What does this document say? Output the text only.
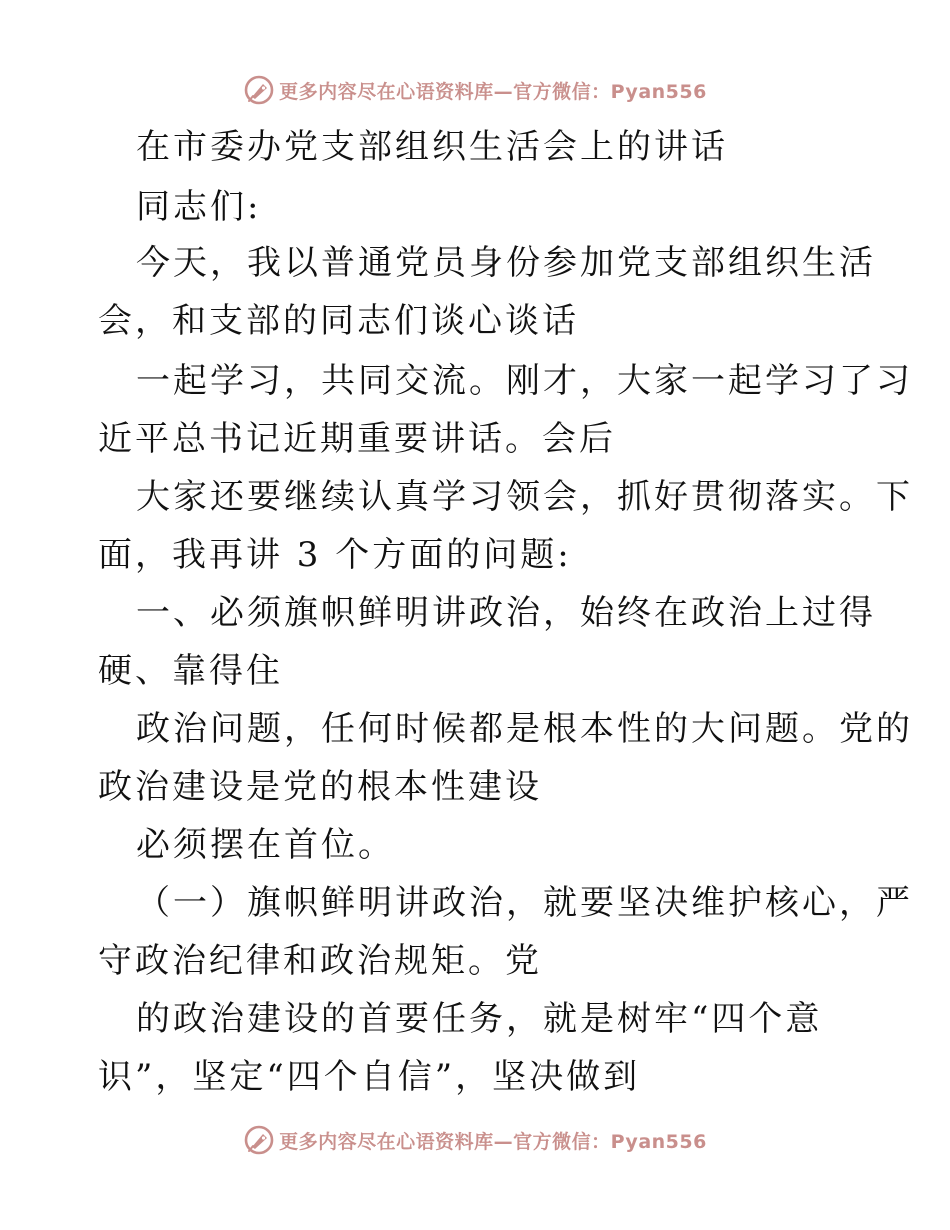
更多内容尽在心语资料库—官方微信：Pyan556
在市委办党支部组织生活会上的讲话
同志们:
今天，我以普通党员身份参加党支部组织生活
会，和支部的同志们谈心谈话
一起学习，共同交流。刚才，大家一起学习了习
近平总书记近期重要讲话。会后
大家还要继续认真学习领会，抓好贯彻落实。下
面，我再讲 3 个方面的问题:
一、必须旗帜鲜明讲政治，始终在政治上过得
硬、靠得住
政治问题，任何时候都是根本性的大问题。党的
政治建设是党的根本性建设
必须摆在首位。
（一）旗帜鲜明讲政治，就要坚决维护核心，严
守政治纪律和政治规矩。党
的政治建设的首要任务，就是树牢“四个意
识”，坚定“四个自信”，坚决做到
更多内容尽在心语资料库—官方微信：Pyan556
